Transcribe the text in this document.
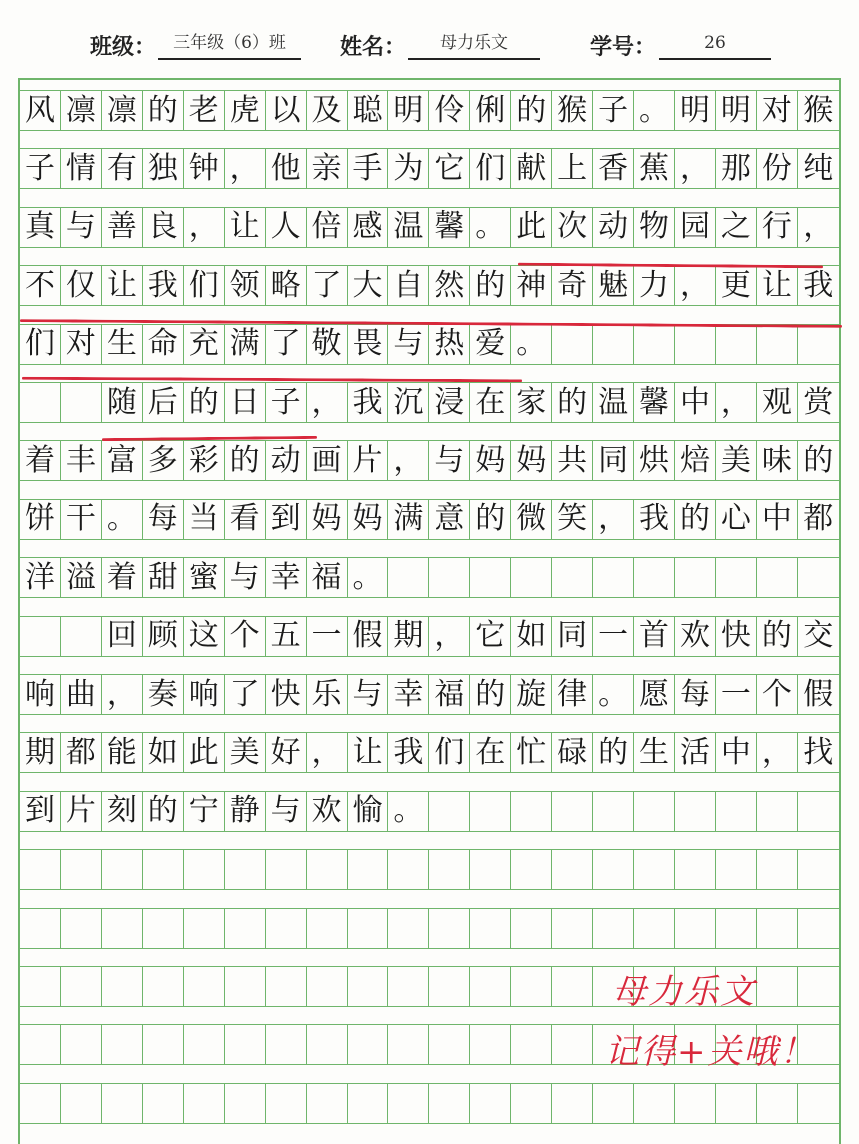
班级：	三年级（6）班	姓名：	母力乐文	学号：	26
风 凛 凛 的 老 虎 以 及 聪 明 伶 俐 的 猴 子 。 明 明 对 猴
子 情 有 独 钟 ， 他 亲 手 为 它 们 献 上 香 蕉 ， 那 份 纯
真 与 善 良 ， 让 人 倍 感 温 馨 。 此 次 动 物 园 之 行 ，
不 仅 让 我 们 领 略 了 大 自 然 的 神 奇 魅 力 ， 更 让 我
们 对 生 命 充 满 了 敬 畏 与 热 爱 。
随 后 的 日 子 ， 我 沉 浸 在 家 的 温 馨 中 ， 观 赏
着 丰 富 多 彩 的 动 画 片 ， 与 妈 妈 共 同 烘 焙 美 味 的
饼 干 。 每 当 看 到 妈 妈 满 意 的 微 笑 ， 我 的 心 中 都
洋 溢 着 甜 蜜 与 幸 福 。
回 顾 这 个 五 一 假 期 ， 它 如 同 一 首 欢 快 的 交
响 曲 ， 奏 响 了 快 乐 与 幸 福 的 旋 律 。 愿 每 一 个 假
期 都 能 如 此 美 好 ， 让 我 们 在 忙 碌 的 生 活 中 ， 找
到 片 刻 的 宁 静 与 欢 愉 。
母力乐文
记得+关哦！
